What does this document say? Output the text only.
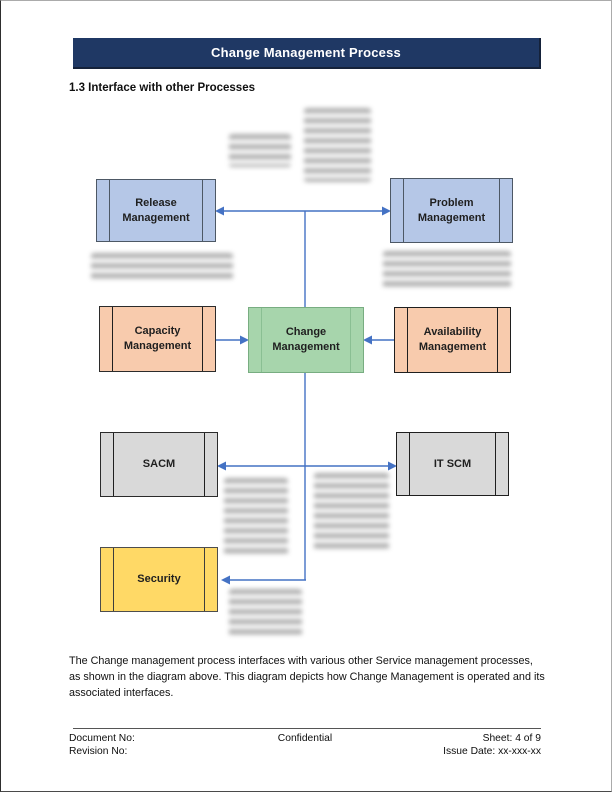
Change Management Process
1.3 Interface with other Processes
Release Management
Problem Management
Capacity Management
Change Management
Availability Management
SACM	IT SCM
Security
The Change management process interfaces with various other Service management processes, as shown in the diagram above. This diagram depicts how Change Management is operated and its associated interfaces.
Document No:	Confidential	Sheet: 4 of 9
Revision No:	Issue Date: xx-xxx-xx
